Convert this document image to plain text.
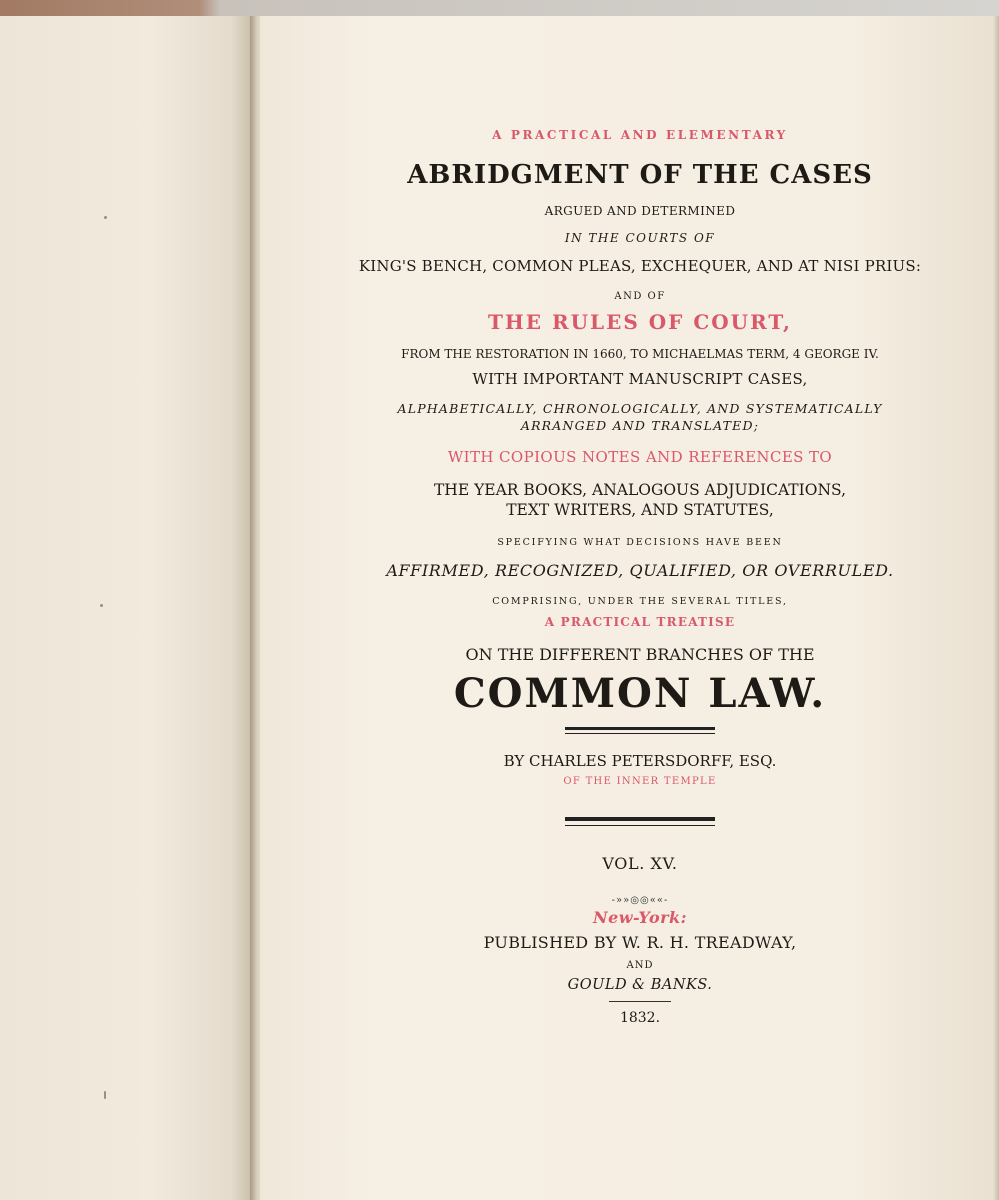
A PRACTICAL AND ELEMENTARY
ABRIDGMENT OF THE CASES
ARGUED AND DETERMINED
IN THE COURTS OF
KING'S BENCH, COMMON PLEAS, EXCHEQUER, AND AT NISI PRIUS:
AND OF
THE RULES OF COURT,
FROM THE RESTORATION IN 1660, TO MICHAELMAS TERM, 4 GEORGE IV.
WITH IMPORTANT MANUSCRIPT CASES,
ALPHABETICALLY, CHRONOLOGICALLY, AND SYSTEMATICALLY
ARRANGED AND TRANSLATED;
WITH COPIOUS NOTES AND REFERENCES TO
THE YEAR BOOKS, ANALOGOUS ADJUDICATIONS,
TEXT WRITERS, AND STATUTES,
SPECIFYING WHAT DECISIONS HAVE BEEN
AFFIRMED, RECOGNIZED, QUALIFIED, OR OVERRULED.
COMPRISING, UNDER THE SEVERAL TITLES,
A PRACTICAL TREATISE
ON THE DIFFERENT BRANCHES OF THE
COMMON LAW.
BY CHARLES PETERSDORFF, ESQ.
OF THE INNER TEMPLE
VOL. XV.
-»»◎◎««-
New-York:
PUBLISHED BY W. R. H. TREADWAY,
AND
GOULD & BANKS.
1832.
